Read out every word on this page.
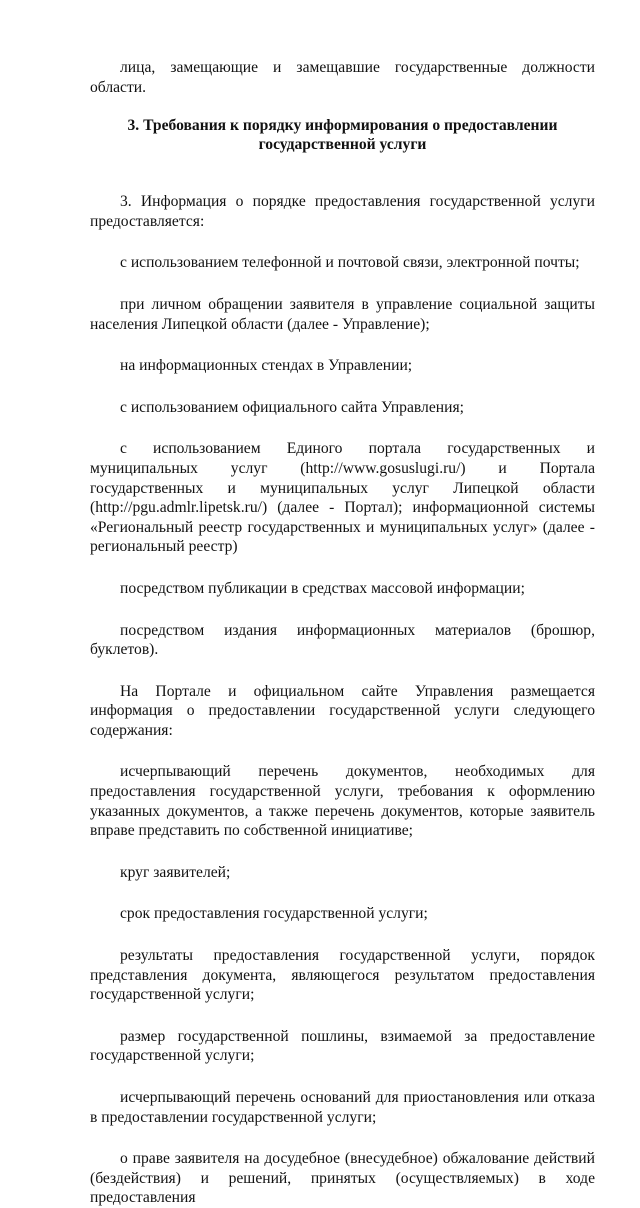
лица, замещающие и замещавшие государственные должности области.

3. Требования к порядку информирования о предоставлении государственной услуги

3. Информация о порядке предоставления государственной услуги предоставляется:

с использованием телефонной и почтовой связи, электронной почты;

при личном обращении заявителя в управление социальной защиты населения Липецкой области (далее - Управление);

на информационных стендах в Управлении;

с использованием официального сайта Управления;

с использованием Единого портала государственных и муниципальных услуг (http://www.gosuslugi.ru/) и Портала государственных и муниципальных услуг Липецкой области (http://pgu.admlr.lipetsk.ru/) (далее - Портал); информационной системы «Региональный реестр государственных и муниципальных услуг» (далее - региональный реестр)

посредством публикации в средствах массовой информации;

посредством издания информационных материалов (брошюр, буклетов).

На Портале и официальном сайте Управления размещается информация о предоставлении государственной услуги следующего содержания:

исчерпывающий перечень документов, необходимых для предоставления государственной услуги, требования к оформлению указанных документов, а также перечень документов, которые заявитель вправе представить по собственной инициативе;

круг заявителей;

срок предоставления государственной услуги;

результаты предоставления государственной услуги, порядок представления документа, являющегося результатом предоставления государственной услуги;

размер государственной пошлины, взимаемой за предоставление государственной услуги;

исчерпывающий перечень оснований для приостановления или отказа в предоставлении государственной услуги;

о праве заявителя на досудебное (внесудебное) обжалование действий (бездействия) и решений, принятых (осуществляемых) в ходе предоставления
